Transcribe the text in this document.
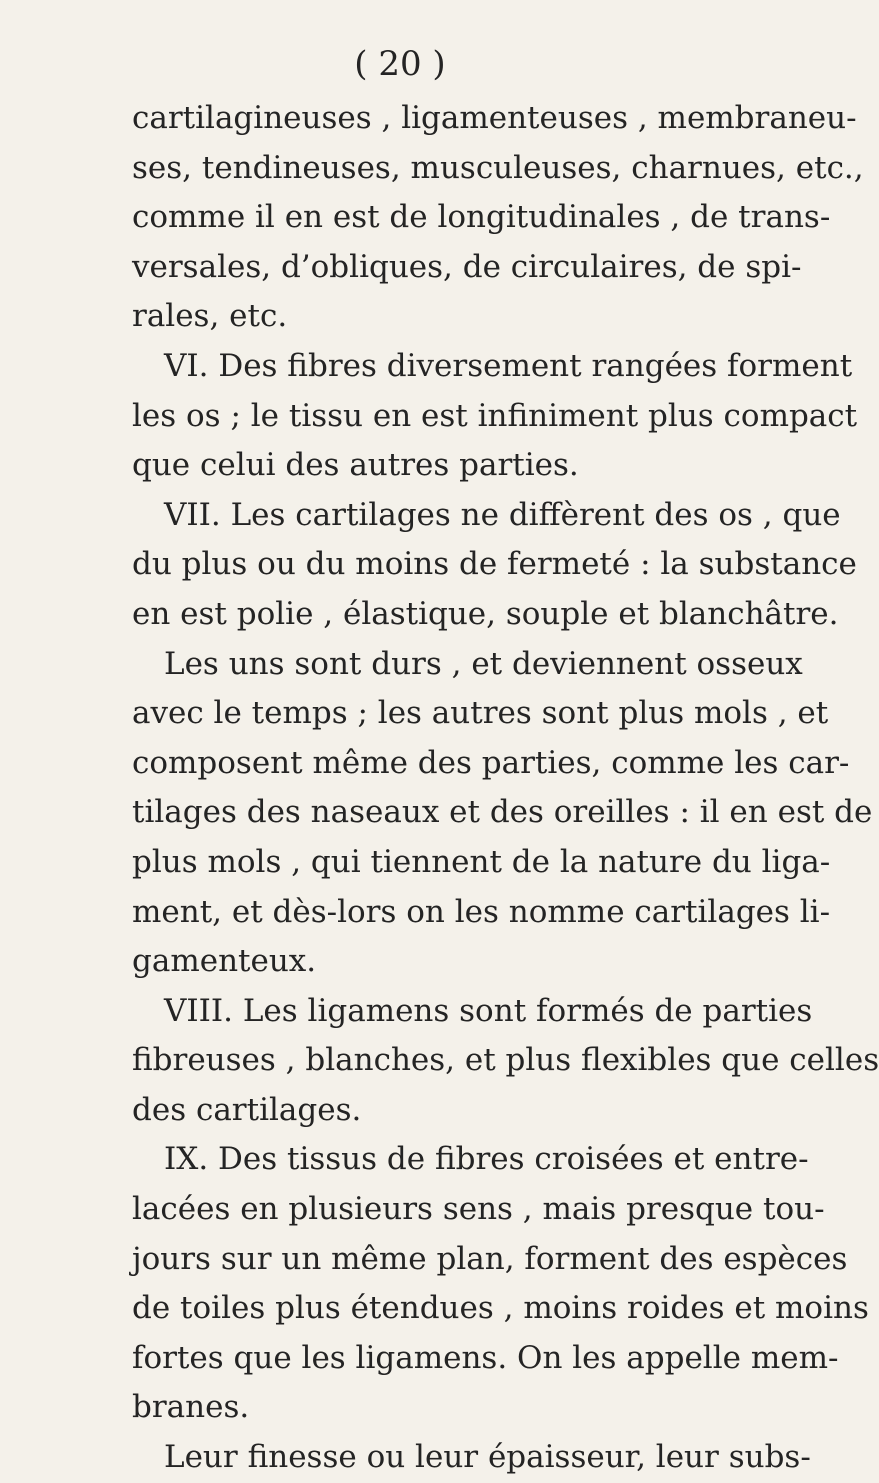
( 20 )
cartilagineuses , ligamenteuses , membraneu-
ses, tendineuses, musculeuses, charnues, etc.,
comme il en est de longitudinales , de trans-
versales, d’obliques, de circulaires, de spi-
rales, etc.
VI. Des fibres diversement rangées forment
les os ; le tissu en est infiniment plus compact
que celui des autres parties.
VII. Les cartilages ne diffèrent des os , que
du plus ou du moins de fermeté : la substance
en est polie , élastique, souple et blanchâtre.
Les uns sont durs , et deviennent osseux
avec le temps ; les autres sont plus mols , et
composent même des parties, comme les car-
tilages des naseaux et des oreilles : il en est de
plus mols , qui tiennent de la nature du liga-
ment, et dès-lors on les nomme cartilages li-
gamenteux.
VIII. Les ligamens sont formés de parties
fibreuses , blanches, et plus flexibles que celles
des cartilages.
IX. Des tissus de fibres croisées et entre-
lacées en plusieurs sens , mais presque tou-
jours sur un même plan, forment des espèces
de toiles plus étendues , moins roides et moins
fortes que les ligamens. On les appelle mem-
branes.
Leur finesse ou leur épaisseur, leur subs-
